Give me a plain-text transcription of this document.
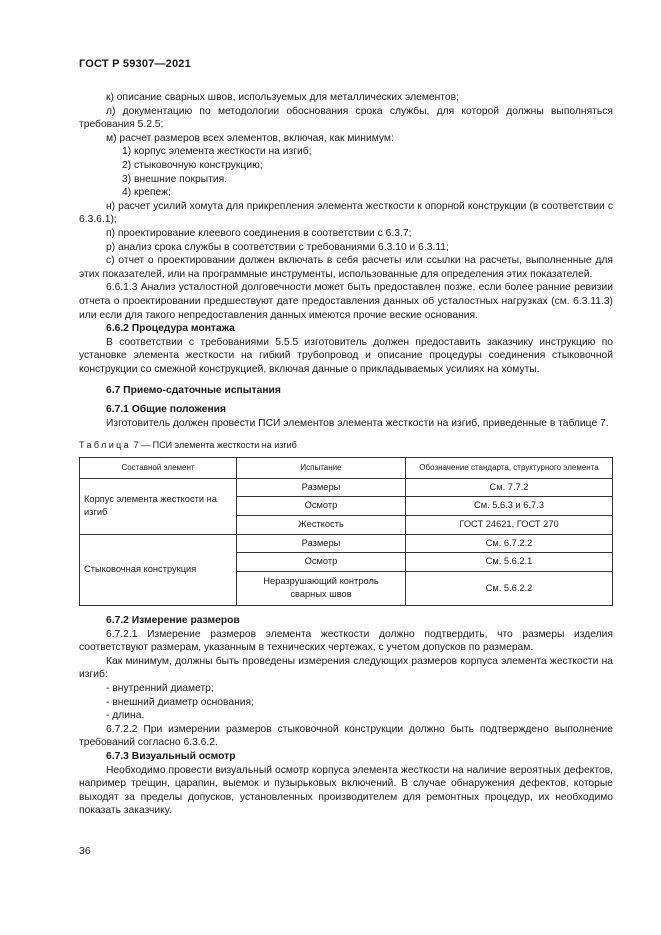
ГОСТ Р 59307—2021

к) описание сварных швов, используемых для металлических элементов;

л) документацию по методологии обоснования срока службы, для которой должны выполняться требования 5.2.5;

м) расчет размеров всех элементов, включая, как минимум:

1) корпус элемента жесткости на изгиб;

2) стыковочную конструкцию;

3) внешние покрытия.

4) крепеж;

н) расчет усилий хомута для прикрепления элемента жесткости к опорной конструкции (в соответствии с 6.3.6.1);

п) проектирование клеевого соединения в соответствии с 6.3.7;

р) анализ срока службы в соответствии с требованиями 6.3.10 и 6.3.11;

с) отчет о проектировании должен включать в себя расчеты или ссылки на расчеты, выполненные для этих показателей, или на программные инструменты, использованные для определения этих показателей.

6.6.1.3 Анализ усталостной долговечности может быть предоставлен позже, если более ранние ревизии отчета о проектировании предшествуют дате предоставления данных об усталостных нагрузках (см. 6.3.11.3) или если для такого непредоставления данных имеются прочие веские основания.

6.6.2 Процедура монтажа

В соответствии с требованиями 5.5.5 изготовитель должен предоставить заказчику инструкцию по установке элемента жесткости на гибкий трубопровод и описание процедуры соединения стыковочной конструкции со смежной конструкцией, включая данные о прикладываемых усилиях на хомуты.

6.7 Приемо-сдаточные испытания

6.7.1 Общие положения

Изготовитель должен провести ПСИ элементов элемента жесткости на изгиб, приведенные в таблице 7.

Таблица 7 — ПСИ элемента жесткости на изгиб
Составной элемент	Испытание	Обозначение стандарта, структурного элемента
Корпус элемента жесткости на изгиб	Размеры	См. 7.7.2
	Осмотр	См. 5.6.3 и 6.7.3
	Жесткость	ГОСТ 24621, ГОСТ 270
Стыковочная конструкция	Размеры	См. 6.7.2.2
	Осмотр	См. 5.6.2.1
	Неразрушающий контроль сварных швов	См. 5.6.2.2

6.7.2 Измерение размеров

6.7.2.1 Измерение размеров элемента жесткости должно подтвердить, что размеры изделия соответствуют размерам, указанным в технических чертежах, с учетом допусков по размерам.

Как минимум, должны быть проведены измерения следующих размеров корпуса элемента жесткости на изгиб:

- внутренний диаметр;

- внешний диаметр основания;

- длина.

6.7.2.2 При измерении размеров стыковочной конструкции должно быть подтверждено выполнение требований согласно 6.3.6.2.

6.7.3 Визуальный осмотр

Необходимо провести визуальный осмотр корпуса элемента жесткости на наличие вероятных дефектов, например трещин, царапин, выемок и пузырьковых включений. В случае обнаружения дефектов, которые выходят за пределы допусков, установленных производителем для ремонтных процедур, их необходимо показать заказчику.

36
